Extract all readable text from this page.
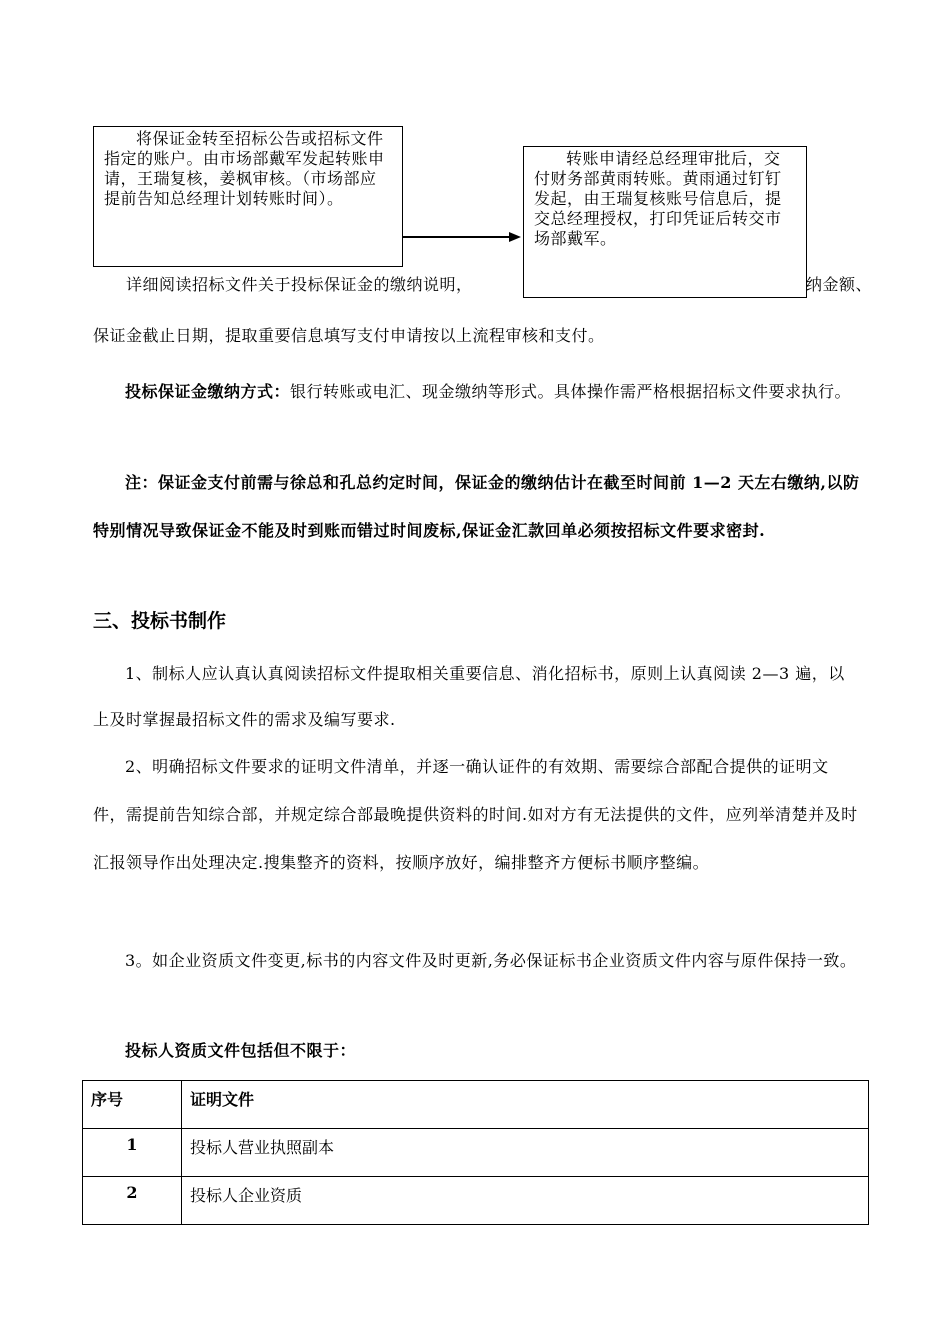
将保证金转至招标公告或招标文件指定的账户。由市场部戴军发起转账申请，王瑞复核，姜枫审核。（市场部应提前告知总经理计划转账时间）。

转账申请经总经理审批后，交付财务部黄雨转账。黄雨通过钉钉发起，由王瑞复核账号信息后，提交总经理授权，打印凭证后转交市场部戴军。

详细阅读招标文件关于投标保证金的缴纳说明，	纳金额、
保证金截止日期，提取重要信息填写支付申请按以上流程审核和支付。
投标保证金缴纳方式：银行转账或电汇、现金缴纳等形式。具体操作需严格根据招标文件要求执行。
注：保证金支付前需与徐总和孔总约定时间，保证金的缴纳估计在截至时间前 1—2 天左右缴纳,以防特别情况导致保证金不能及时到账而错过时间废标,保证金汇款回单必须按招标文件要求密封.
三、投标书制作
1、制标人应认真认真阅读招标文件提取相关重要信息、消化招标书，原则上认真阅读 2—3 遍，以上及时掌握最招标文件的需求及编写要求.
2、明确招标文件要求的证明文件清单，并逐一确认证件的有效期、需要综合部配合提供的证明文件，需提前告知综合部，并规定综合部最晚提供资料的时间.如对方有无法提供的文件，应列举清楚并及时汇报领导作出处理决定.搜集整齐的资料，按顺序放好，编排整齐方便标书顺序整编。
3。如企业资质文件变更,标书的内容文件及时更新,务必保证标书企业资质文件内容与原件保持一致。
投标人资质文件包括但不限于：
序号	证明文件
1	投标人营业执照副本
2	投标人企业资质
